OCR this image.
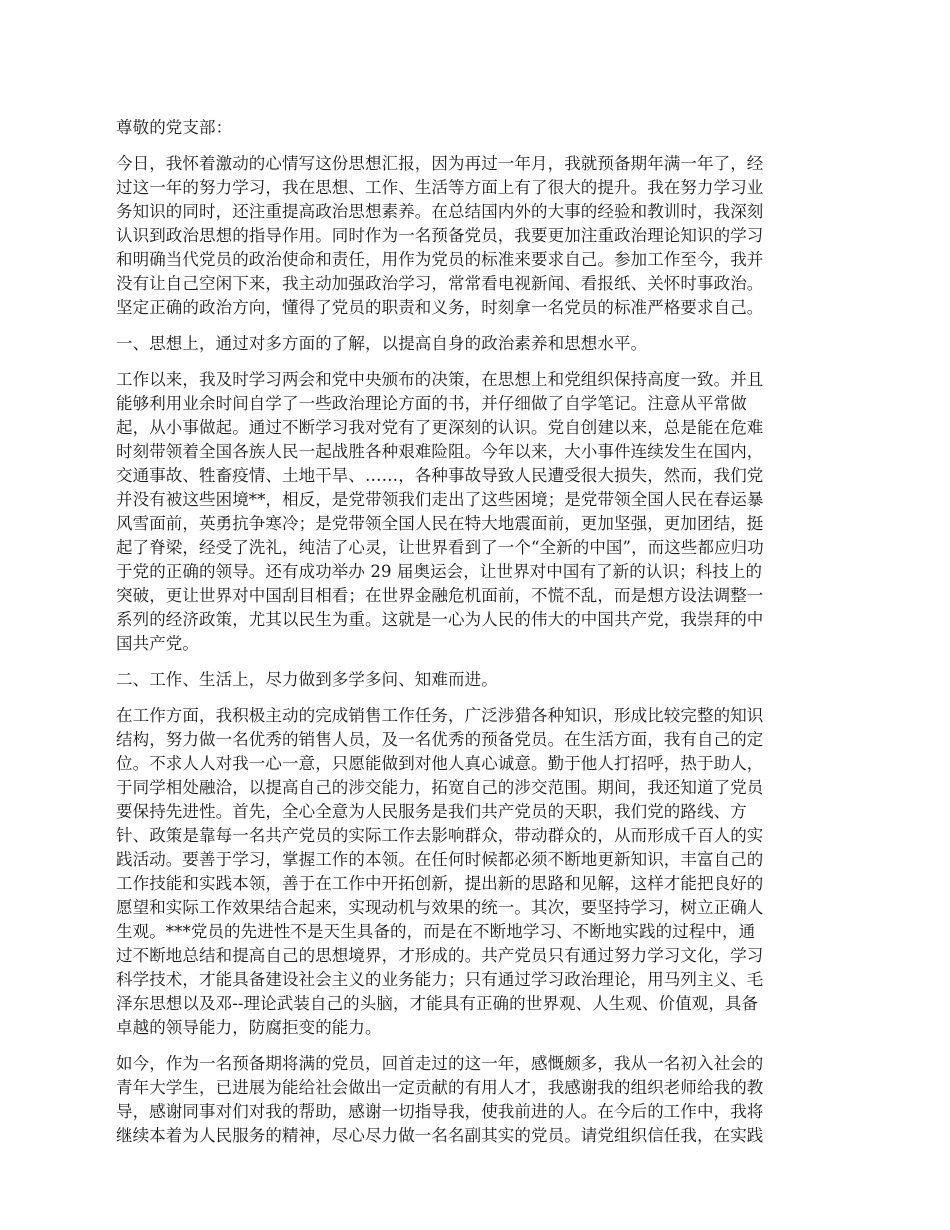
尊敬的党支部：
今日，我怀着激动的心情写这份思想汇报，因为再过一年月，我就预备期年满一年了，经
过这一年的努力学习，我在思想、工作、生活等方面上有了很大的提升。我在努力学习业
务知识的同时，还注重提高政治思想素养。在总结国内外的大事的经验和教训时，我深刻
认识到政治思想的指导作用。同时作为一名预备党员，我要更加注重政治理论知识的学习
和明确当代党员的政治使命和责任，用作为党员的标准来要求自己。参加工作至今，我并
没有让自己空闲下来，我主动加强政治学习，常常看电视新闻、看报纸、关怀时事政治。
坚定正确的政治方向，懂得了党员的职责和义务，时刻拿一名党员的标准严格要求自己。
一、思想上，通过对多方面的了解，以提高自身的政治素养和思想水平。
工作以来，我及时学习两会和党中央颁布的决策，在思想上和党组织保持高度一致。并且
能够利用业余时间自学了一些政治理论方面的书，并仔细做了自学笔记。注意从平常做
起，从小事做起。通过不断学习我对党有了更深刻的认识。党自创建以来，总是能在危难
时刻带领着全国各族人民一起战胜各种艰难险阻。今年以来，大小事件连续发生在国内，
交通事故、牲畜疫情、土地干旱、……，各种事故导致人民遭受很大损失，然而，我们党
并没有被这些困境**，相反，是党带领我们走出了这些困境；是党带领全国人民在春运暴
风雪面前，英勇抗争寒冷；是党带领全国人民在特大地震面前，更加坚强，更加团结，挺
起了脊梁，经受了洗礼，纯洁了心灵，让世界看到了一个“全新的中国”，而这些都应归功
于党的正确的领导。还有成功举办 29 届奥运会，让世界对中国有了新的认识；科技上的
突破，更让世界对中国刮目相看；在世界金融危机面前，不慌不乱，而是想方设法调整一
系列的经济政策，尤其以民生为重。这就是一心为人民的伟大的中国共产党，我崇拜的中
国共产党。
二、工作、生活上，尽力做到多学多问、知难而进。
在工作方面，我积极主动的完成销售工作任务，广泛涉猎各种知识，形成比较完整的知识
结构，努力做一名优秀的销售人员，及一名优秀的预备党员。在生活方面，我有自己的定
位。不求人人对我一心一意，只愿能做到对他人真心诚意。勤于他人打招呼，热于助人，
于同学相处融洽，以提高自己的涉交能力，拓宽自己的涉交范围。期间，我还知道了党员
要保持先进性。首先，全心全意为人民服务是我们共产党员的天职，我们党的路线、方
针、政策是靠每一名共产党员的实际工作去影响群众，带动群众的，从而形成千百人的实
践活动。要善于学习，掌握工作的本领。在任何时候都必须不断地更新知识，丰富自己的
工作技能和实践本领，善于在工作中开拓创新，提出新的思路和见解，这样才能把良好的
愿望和实际工作效果结合起来，实现动机与效果的统一。其次，要坚持学习，树立正确人
生观。***党员的先进性不是天生具备的，而是在不断地学习、不断地实践的过程中，通
过不断地总结和提高自己的思想境界，才形成的。共产党员只有通过努力学习文化，学习
科学技术，才能具备建设社会主义的业务能力；只有通过学习政治理论，用马列主义、毛
泽东思想以及邓--理论武装自己的头脑，才能具有正确的世界观、人生观、价值观，具备
卓越的领导能力，防腐拒变的能力。
如今，作为一名预备期将满的党员，回首走过的这一年，感慨颇多，我从一名初入社会的
青年大学生，已进展为能给社会做出一定贡献的有用人才，我感谢我的组织老师给我的教
导，感谢同事对们对我的帮助，感谢一切指导我，使我前进的人。在今后的工作中，我将
继续本着为人民服务的精神，尽心尽力做一名名副其实的党员。请党组织信任我，在实践
